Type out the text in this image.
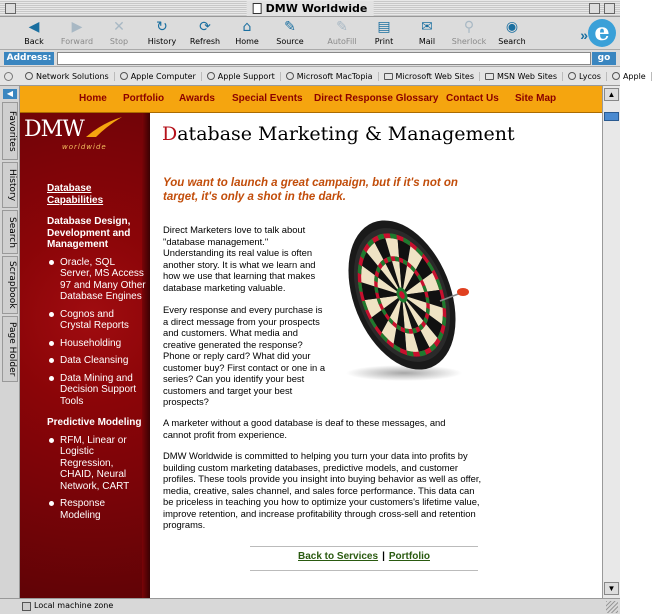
DMW Worldwide
◀
Back
▶
Forward
✕
Stop
↻
History
⟳
Refresh
⌂
Home
✎
Source
✎
AutoFill
▤
Print
✉
Mail
⚲
Sherlock
◉
Search	» e
Address:	go
Network Solutions	Apple Computer	Apple Support	Microsoft MacTopia	Microsoft Web Sites	MSN Web Sites	Lycos	Apple
◀
Favorites
History
Search
Scrapbook
Page Holder
Home Portfolio Awards Special Events Direct Response Glossary Contact Us Site Map
DMW
worldwide
Database Capabilities
Database Design, Development and Management
Oracle, SQL Server, MS Access 97 and Many Other Database Engines
Cognos and Crystal Reports
Householding
Data Cleansing
Data Mining and Decision Support Tools
Predictive Modeling
RFM, Linear or Logistic Regression, CHAID, Neural Network, CART
Response Modeling
Database Marketing & Management
You want to launch a great campaign, but if it's not on target, it's only a shot in the dark.

Direct Marketers love to talk about "database management." Understanding its real value is often another story. It is what we learn and how we use that learning that makes database marketing valuable.

Every response and every purchase is a direct message from your prospects and customers. What media and creative generated the response? Phone or reply card? What did your customer buy? First contact or one in a series? Can you identify your best customers and target your best prospects?

A marketer without a good database is deaf to these messages, and cannot profit from experience.

DMW Worldwide is committed to helping you turn your data into profits by building custom marketing databases, predictive models, and customer profiles. These tools provide you insight into buying behavior as well as offer, media, creative, sales channel, and sales force performance. This data can be priceless in teaching you how to optimize your customers's lifetime value, improve retention, and increase profitability through cross-sell and retention programs.

Back to Services | Portfolio
▲
▼
Local machine zone
